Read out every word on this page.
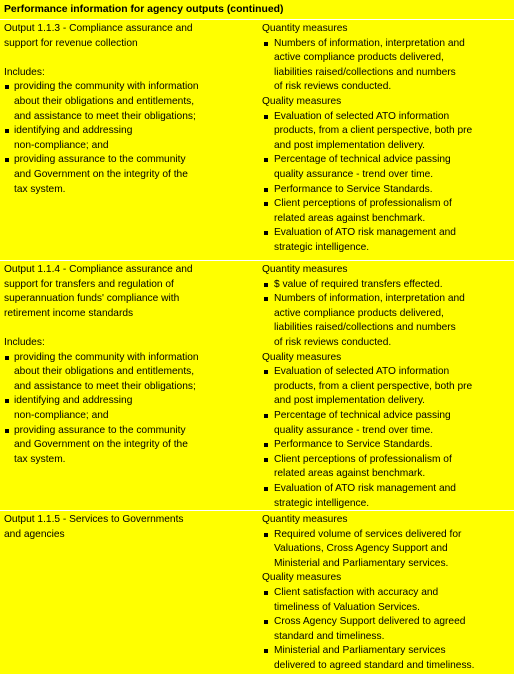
Performance information for agency outputs (continued)

Output 1.1.3 - Compliance assurance and
support for revenue collection

Includes:

providing the community with information
about their obligations and entitlements,
and assistance to meet their obligations;
identifying and addressing
non-compliance; and
providing assurance to the community
and Government on the integrity of the
tax system.
Quantity measures
Numbers of information, interpretation and
active compliance products delivered,
liabilities raised/collections and numbers
of risk reviews conducted.
Quality measures
Evaluation of selected ATO information
products, from a client perspective, both pre
and post implementation delivery.
Percentage of technical advice passing
quality assurance - trend over time.
Performance to Service Standards.
Client perceptions of professionalism of
related areas against benchmark.
Evaluation of ATO risk management and
strategic intelligence.

Output 1.1.4 - Compliance assurance and
support for transfers and regulation of
superannuation funds' compliance with
retirement income standards

Includes:

providing the community with information
about their obligations and entitlements,
and assistance to meet their obligations;
identifying and addressing
non-compliance; and
providing assurance to the community
and Government on the integrity of the
tax system.
Quantity measures
$ value of required transfers effected.
Numbers of information, interpretation and
active compliance products delivered,
liabilities raised/collections and numbers
of risk reviews conducted.
Quality measures
Evaluation of selected ATO information
products, from a client perspective, both pre
and post implementation delivery.
Percentage of technical advice passing
quality assurance - trend over time.
Performance to Service Standards.
Client perceptions of professionalism of
related areas against benchmark.
Evaluation of ATO risk management and
strategic intelligence.

Output 1.1.5 - Services to Governments
and agencies

Quantity measures
Required volume of services delivered for
Valuations, Cross Agency Support and
Ministerial and Parliamentary services.
Quality measures
Client satisfaction with accuracy and
timeliness of Valuation Services.
Cross Agency Support delivered to agreed
standard and timeliness.
Ministerial and Parliamentary services
delivered to agreed standard and timeliness.
